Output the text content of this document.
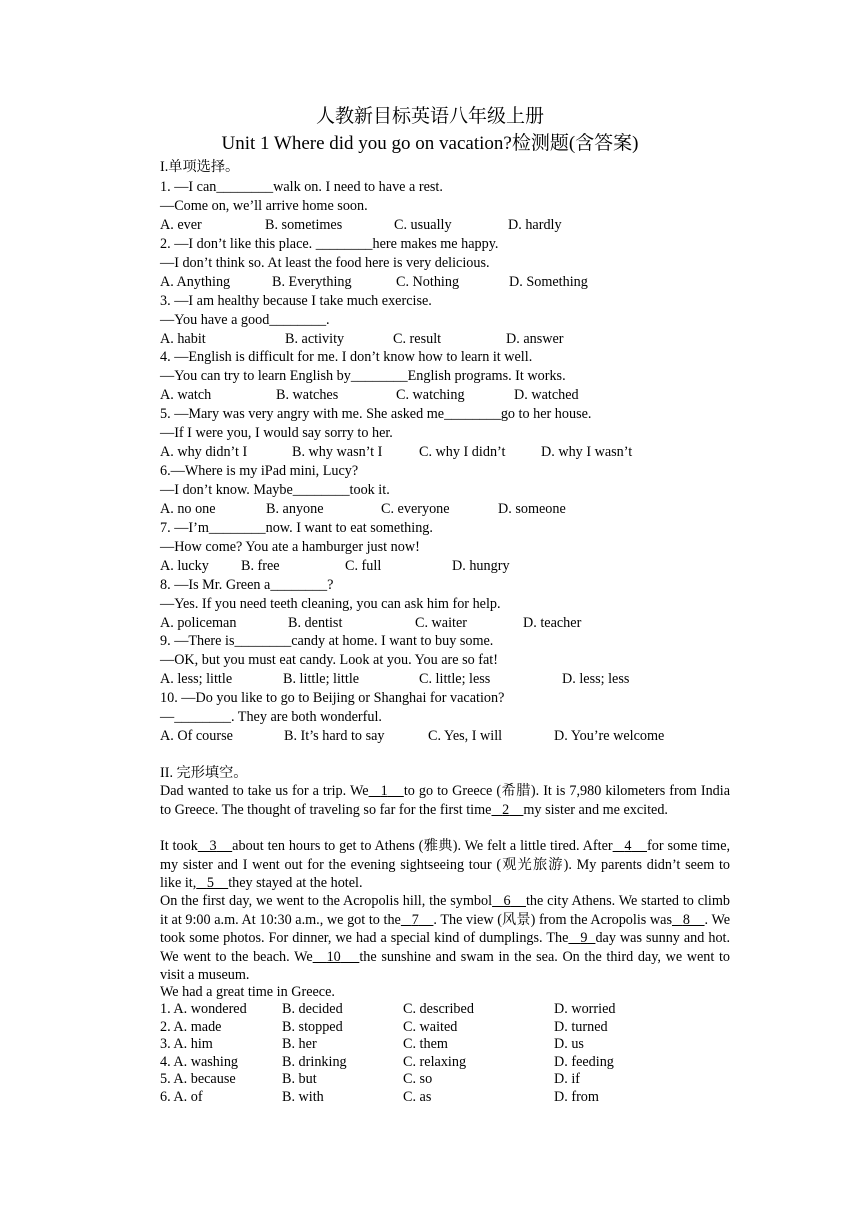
人教新目标英语八年级上册
Unit 1 Where did you go on vacation?检测题(含答案)
I.单项选择。
1. —I can________walk on. I need to have a rest.
—Come on, we’ll arrive home soon.
A. ever	B. sometimes	C. usually	D. hardly
2. —I don’t like this place. ________here makes me happy.
—I don’t think so. At least the food here is very delicious.
A. Anything	B. Everything	C. Nothing	D. Something
3. —I am healthy because I take much exercise.
—You have a good________.
A. habit	B. activity	C. result	D. answer
4. —English is difficult for me. I don’t know how to learn it well.
—You can try to learn English by________English programs. It works.
A. watch	B. watches	C. watching	D. watched
5. —Mary was very angry with me. She asked me________go to her house.
—If I were you, I would say sorry to her.
A. why didn’t I	B. why wasn’t I	C. why I didn’t	D. why I wasn’t
6.—Where is my iPad mini, Lucy?
—I don’t know. Maybe________took it.
A. no one	B. anyone	C. everyone	D. someone
7. —I’m________now. I want to eat something.
—How come? You ate a hamburger just now!
A. lucky B. free	C. full	D. hungry
8. —Is Mr. Green a________?
—Yes. If you need teeth cleaning, you can ask him for help.
A. policeman	B. dentist	C. waiter	D. teacher
9. —There is________candy at home. I want to buy some.
—OK, but you must eat candy. Look at you. You are so fat!
A. less; little	B. little; little	C. little; less	D. less; less
10. —Do you like to go to Beijing or Shanghai for vacation?
—________. They are both wonderful.
A. Of course	B. It’s hard to say	C. Yes, I will	D. You’re welcome
II. 完形填空。
Dad wanted to take us for a trip. We 1 to go to Greece (希腊). It is 7,980 kilometers from India to Greece. The thought of traveling so far for the first time 2 my sister and me excited.
It took 3 about ten hours to get to Athens (雅典). We felt a little tired. After 4 for some time, my sister and I went out for the evening sightseeing tour (观光旅游). My parents didn’t seem to like it, 5 they stayed at the hotel.
On the first day, we went to the Acropolis hill, the symbol 6 the city Athens. We started to climb it at 9:00 a.m. At 10:30 a.m., we got to the 7 . The view (风景) from the Acropolis was 8 . We took some photos. For dinner, we had a special kind of dumplings. The 9 day was sunny and hot. We went to the beach. We 10 the sunshine and swam in the sea. On the third day, we went to visit a museum.
We had a great time in Greece.
1. A. wondered B. decided	C. described	D. worried
2. A. made	B. stopped	C. waited	D. turned
3. A. him	B. her	C. them	D. us
4. A. washing	B. drinking	C. relaxing	D. feeding
5. A. because	B. but	C. so	D. if
6. A. of	B. with	C. as	D. from
